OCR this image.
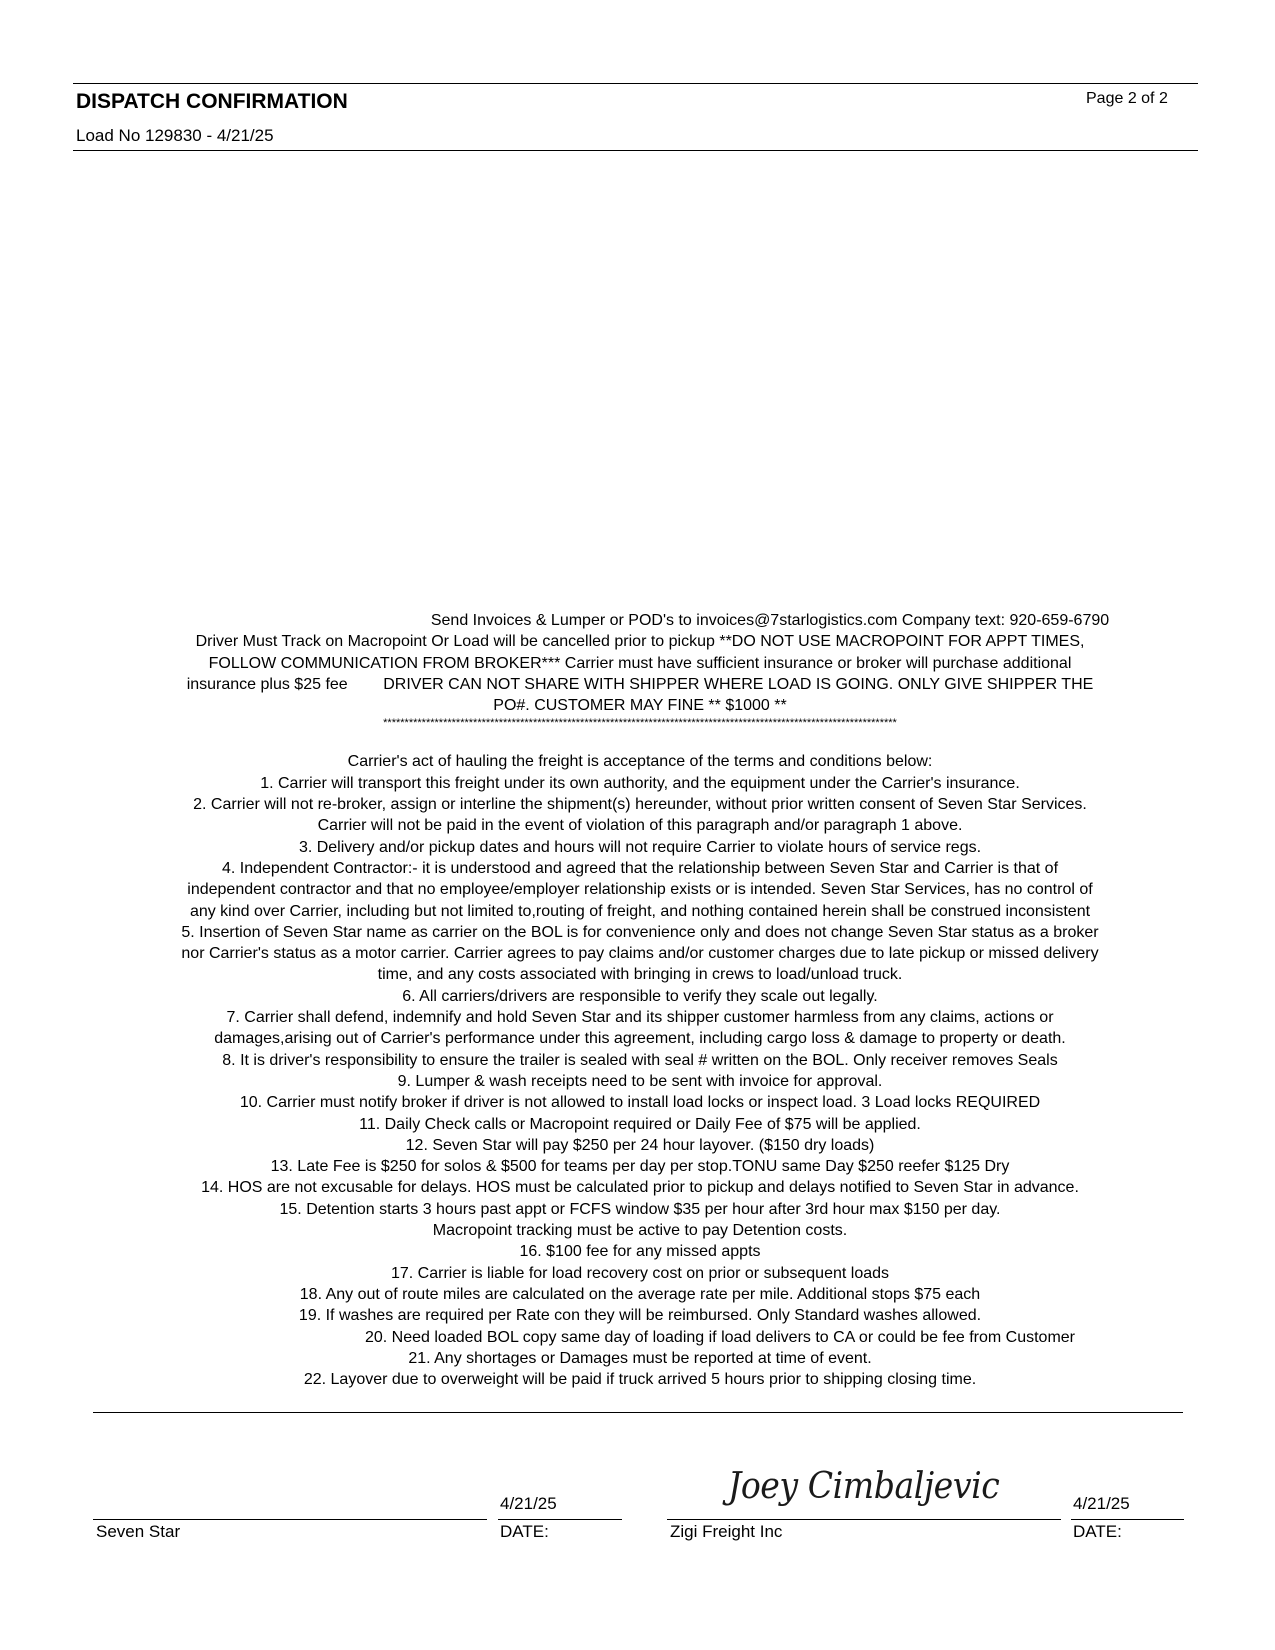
DISPATCH CONFIRMATION	Page 2 of 2
Load No 129830 - 4/21/25
Send Invoices & Lumper or POD's to invoices@7starlogistics.com Company text: 920-659-6790
Driver Must Track on Macropoint Or Load will be cancelled prior to pickup **DO NOT USE MACROPOINT FOR APPT TIMES,
FOLLOW COMMUNICATION FROM BROKER*** Carrier must have sufficient insurance or broker will purchase additional
insurance plus $25 fee        DRIVER CAN NOT SHARE WITH SHIPPER WHERE LOAD IS GOING. ONLY GIVE SHIPPER THE
PO#. CUSTOMER MAY FINE ** $1000 **
************************************************************************************************************************
Carrier's act of hauling the freight is acceptance of the terms and conditions below:
1. Carrier will transport this freight under its own authority, and the equipment under the Carrier's insurance.
2. Carrier will not re-broker, assign or interline the shipment(s) hereunder, without prior written consent of Seven Star Services.
Carrier will not be paid in the event of violation of this paragraph and/or paragraph 1 above.
3. Delivery and/or pickup dates and hours will not require Carrier to violate hours of service regs.
4. Independent Contractor:- it is understood and agreed that the relationship between Seven Star and Carrier is that of
independent contractor and that no employee/employer relationship exists or is intended. Seven Star Services, has no control of
any kind over Carrier, including but not limited to,routing of freight, and nothing contained herein shall be construed inconsistent
5. Insertion of Seven Star name as carrier on the BOL is for convenience only and does not change Seven Star status as a broker
nor Carrier's status as a motor carrier. Carrier agrees to pay claims and/or customer charges due to late pickup or missed delivery
time, and any costs associated with bringing in crews to load/unload truck.
6. All carriers/drivers are responsible to verify they scale out legally.
7. Carrier shall defend, indemnify and hold Seven Star and its shipper customer harmless from any claims, actions or
damages,arising out of Carrier's performance under this agreement, including cargo loss & damage to property or death.
8. It is driver's responsibility to ensure the trailer is sealed with seal # written on the BOL. Only receiver removes Seals
9. Lumper & wash receipts need to be sent with invoice for approval.
10. Carrier must notify broker if driver is not allowed to install load locks or inspect load. 3 Load locks REQUIRED
11. Daily Check calls or Macropoint required or Daily Fee of $75 will be applied.
12. Seven Star will pay $250 per 24 hour layover. ($150 dry loads)
13. Late Fee is $250 for solos & $500 for teams per day per stop.TONU same Day $250 reefer $125 Dry
14. HOS are not excusable for delays. HOS must be calculated prior to pickup and delays notified to Seven Star in advance.
15. Detention starts 3 hours past appt or FCFS window $35 per hour after 3rd hour max $150 per day.
Macropoint tracking must be active to pay Detention costs.
16. $100 fee for any missed appts
17. Carrier is liable for load recovery cost on prior or subsequent loads
18. Any out of route miles are calculated on the average rate per mile. Additional stops $75 each
19. If washes are required per Rate con they will be reimbursed. Only Standard washes allowed.
20. Need loaded BOL copy same day of loading if load delivers to CA or could be fee from Customer
21. Any shortages or Damages must be reported at time of event.
22. Layover due to overweight will be paid if truck arrived 5 hours prior to shipping closing time.
4/21/25
Seven Star	DATE:
Joey Cimbaljevic	4/21/25
Zigi Freight Inc	DATE:
